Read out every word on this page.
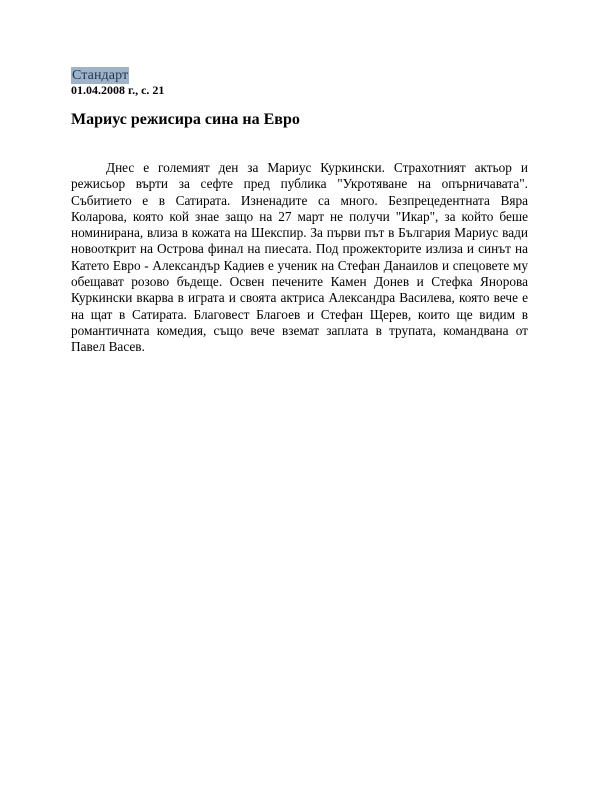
Стандарт
01.04.2008 г., с. 21
Мариус режисира сина на Евро

Днес е големият ден за Мариус Куркински. Страхотният актьор и режисьор върти за сефте пред публика "Укротяване на опърничавата". Събитието е в Сатирата. Изненадите са много. Безпрецедентната Вяра Коларова, която кой знае защо на 27 март не получи "Икар", за който беше номинирана, влиза в кожата на Шекспир. За първи път в България Мариус вади новооткрит на Острова финал на пиесата. Под прожекторите излиза и синът на Катето Евро - Александър Кадиев е ученик на Стефан Данаилов и спецовете му обещават розово бъдеще. Освен печените Камен Донев и Стефка Янорова Куркински вкарва в играта и своята актриса Александра Василева, която вече е на щат в Сатирата. Благовест Благоев и Стефан Щерев, които ще видим в романтичната комедия, също вече вземат заплата в трупата, командвана от Павел Васев.
